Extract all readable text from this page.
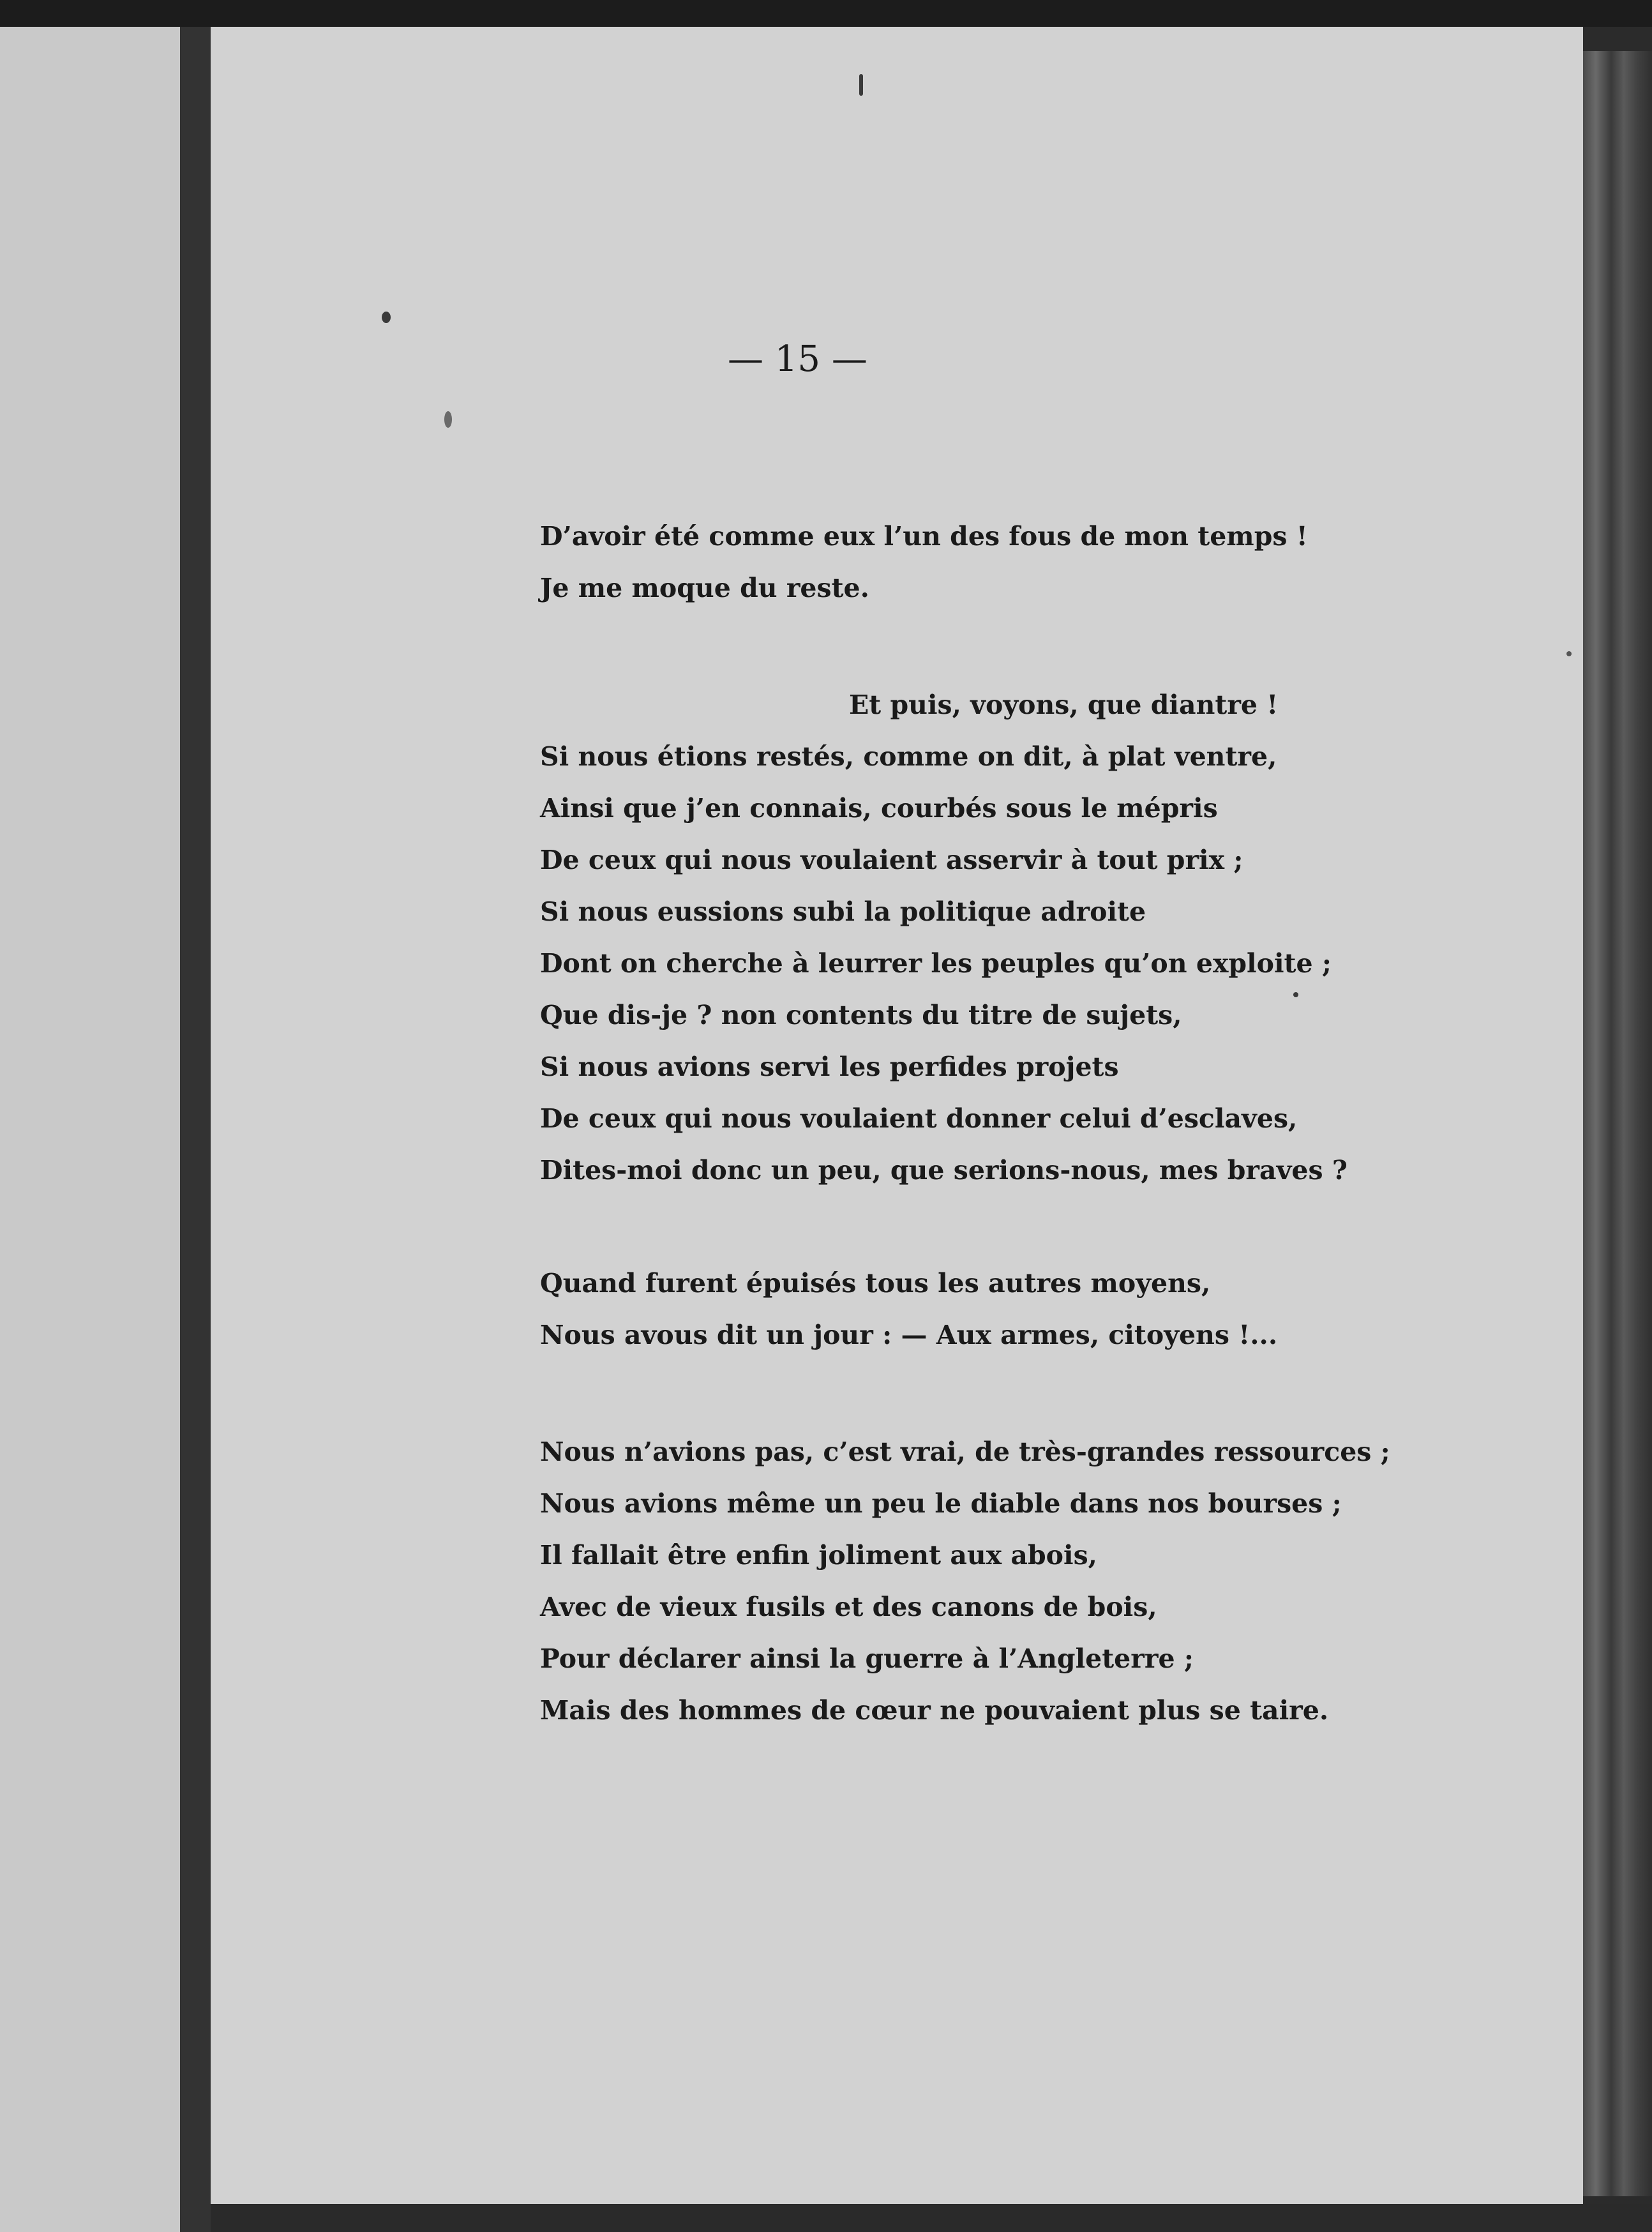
— 15 —
D’avoir été comme eux l’un des fous de mon temps !
Je me moque du reste.
Et puis, voyons, que diantre !
Si nous étions restés, comme on dit, à plat ventre,
Ainsi que j’en connais, courbés sous le mépris
De ceux qui nous voulaient asservir à tout prix ;
Si nous eussions subi la politique adroite
Dont on cherche à leurrer les peuples qu’on exploite ;
Que dis-je ? non contents du titre de sujets,
Si nous avions servi les perfides projets
De ceux qui nous voulaient donner celui d’esclaves,
Dites-moi donc un peu, que serions-nous, mes braves ?
Quand furent épuisés tous les autres moyens,
Nous avous dit un jour : — Aux armes, citoyens !...
Nous n’avions pas, c’est vrai, de très-grandes ressources ;
Nous avions même un peu le diable dans nos bourses ;
Il fallait être enfin joliment aux abois,
Avec de vieux fusils et des canons de bois,
Pour déclarer ainsi la guerre à l’Angleterre ;
Mais des hommes de cœur ne pouvaient plus se taire.
